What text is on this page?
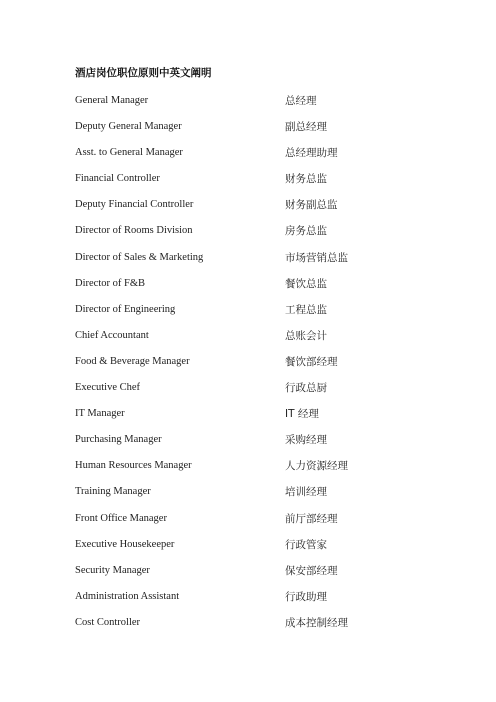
酒店岗位职位原则中英文阐明
General Manager	总经理
Deputy General Manager	副总经理
Asst. to General Manager	总经理助理
Financial Controller	财务总监
Deputy Financial Controller	财务副总监
Director of Rooms Division	房务总监
Director of Sales & Marketing	市场营销总监
Director of F&B	餐饮总监
Director of Engineering	工程总监
Chief Accountant	总账会计
Food & Beverage Manager	餐饮部经理
Executive Chef	行政总厨
IT Manager	IT 经理
Purchasing Manager	采购经理
Human Resources Manager	人力资源经理
Training Manager	培训经理
Front Office Manager	前厅部经理
Executive Housekeeper	行政管家
Security Manager	保安部经理
Administration Assistant	行政助理
Cost Controller	成本控制经理
